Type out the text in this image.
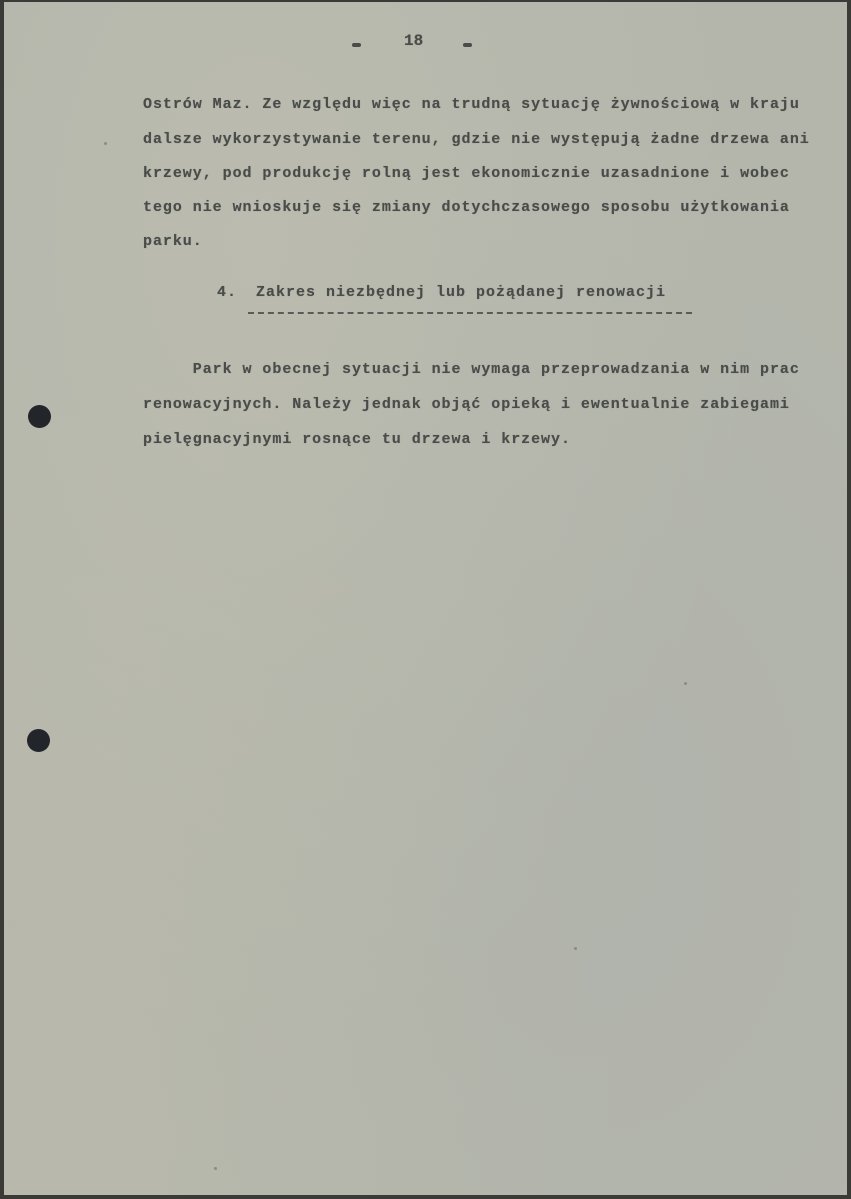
18
Ostrów Maz. Ze względu więc na trudną sytuację żywnościową w kraju
dalsze wykorzystywanie terenu, gdzie nie występują żadne drzewa ani
krzewy, pod produkcję rolną jest ekonomicznie uzasadnione i wobec
tego nie wnioskuje się zmiany dotychczasowego sposobu użytkowania
parku.
4. Zakres niezbędnej lub pożądanej renowacji
Park w obecnej sytuacji nie wymaga przeprowadzania w nim prac
renowacyjnych. Należy jednak objąć opieką i ewentualnie zabiegami
pielęgnacyjnymi rosnące tu drzewa i krzewy.
